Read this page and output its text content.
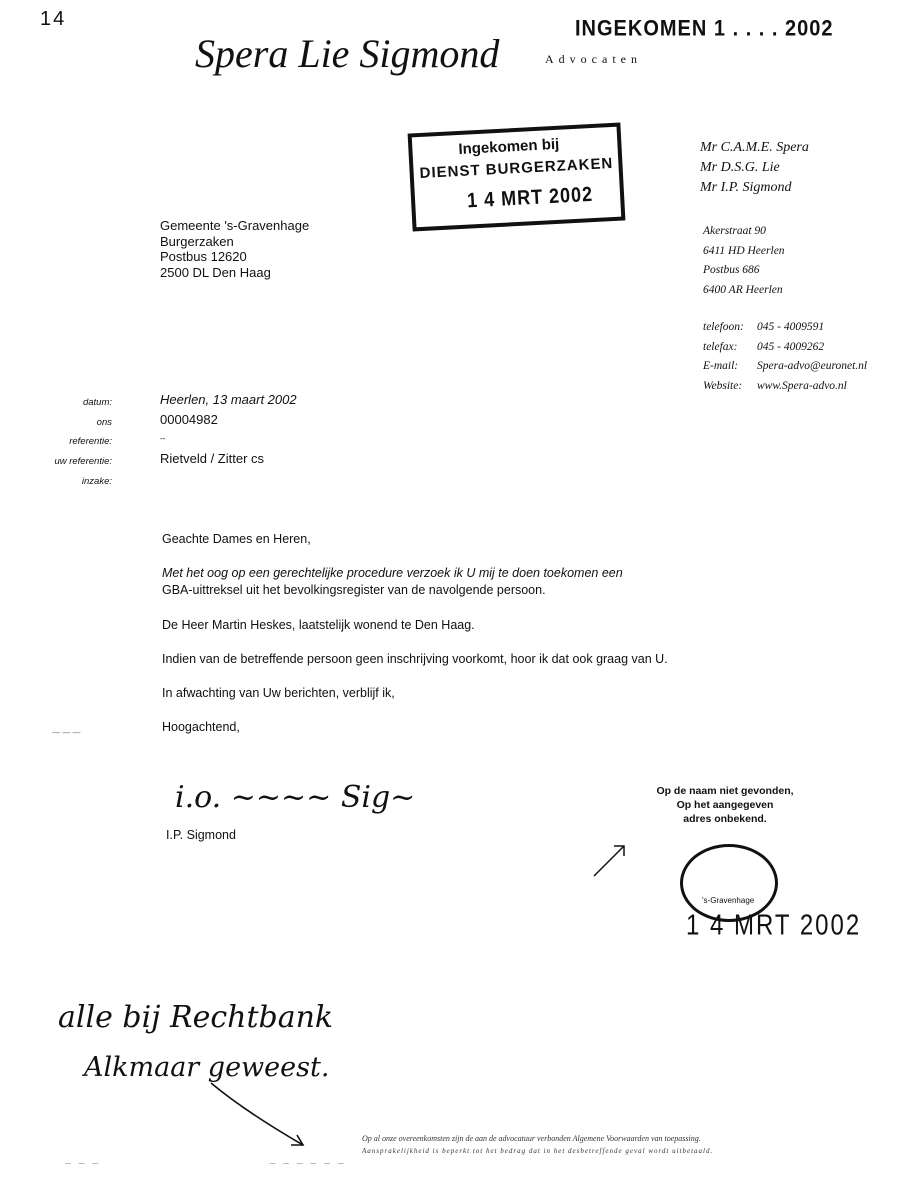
14	INGEKOMEN 1 . . . . 2002
Spera Lie Sigmond	Advocaten
Ingekomen bij
DIENST BURGERZAKEN
1 4 MRT 2002
Mr C.A.M.E. Spera
Mr D.S.G. Lie
Mr I.P. Sigmond
Akerstraat 90
6411 HD Heerlen
Postbus 686
6400 AR Heerlen
telefoon: 045 - 4009591
telefax: 045 - 4009262
E-mail: Spera-advo@euronet.nl
Website: www.Spera-advo.nl
Gemeente 's-Gravenhage
Burgerzaken
Postbus 12620
2500 DL Den Haag
datum:
ons referentie:
uw referentie:
inzake:
Heerlen, 13 maart 2002
00004982
--
Rietveld / Zitter cs

Geachte Dames en Heren,

Met het oog op een gerechtelijke procedure verzoek ik U mij te doen toekomen een

GBA-uittreksel uit het bevolkingsregister van de navolgende persoon.

De Heer Martin Heskes, laatstelijk wonend te Den Haag.

Indien van de betreffende persoon geen inschrijving voorkomt, hoor ik dat ook graag van U.

In afwachting van Uw berichten, verblijf ik,

Hoogachtend,

i.o. ~~~~ Sig~
I.P. Sigmond
Op de naam niet gevonden,
Op het aangegeven
adres onbekend.
's-Gravenhage
1 4 MRT 2002
alle bij Rechtbank
Alkmaar geweest.
Op al onze overeenkomsten zijn de aan de advocatuur verbonden Algemene Voorwaarden van toepassing.
Aansprakelijkheid is beperkt tot het bedrag dat in het desbetreffende geval wordt uitbetaald.
— — —                                    — — — — — —
— — —
